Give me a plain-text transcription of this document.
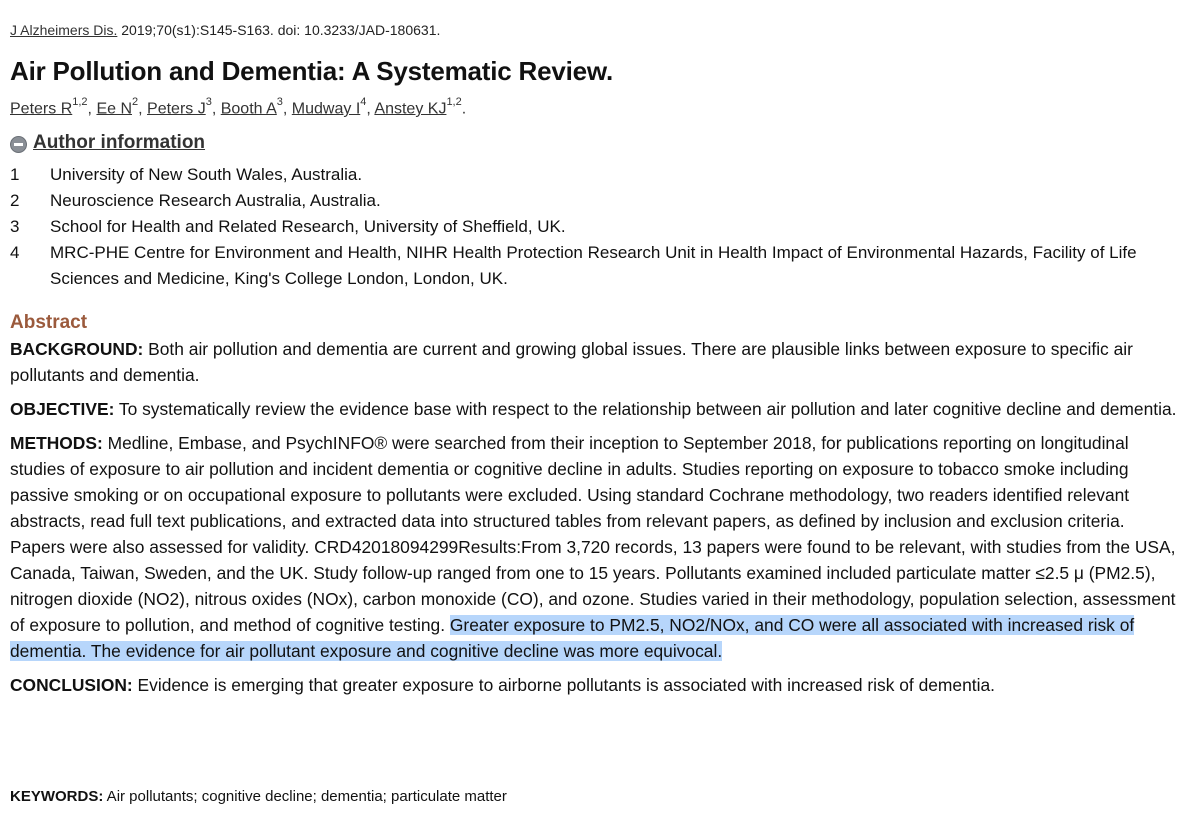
J Alzheimers Dis. 2019;70(s1):S145-S163. doi: 10.3233/JAD-180631.
Air Pollution and Dementia: A Systematic Review.
Peters R$^{1,2}$, Ee $N^2$, Peters $J^3$, Booth $A^3$, Mudway $I^4$, Anstey KJ$^{1,2}$.
Author information
1	University of New South Wales, Australia.
2	Neuroscience Research Australia, Australia.
3	School for Health and Related Research, University of Sheffield, UK.
4	MRC-PHE Centre for Environment and Health, NIHR Health Protection Research Unit in Health Impact of Environmental Hazards, Facility of Life Sciences and Medicine, King's College London, London, UK.
Abstract

BACKGROUND: Both air pollution and dementia are current and growing global issues. There are plausible links between exposure to specific air pollutants and dementia.

OBJECTIVE: To systematically review the evidence base with respect to the relationship between air pollution and later cognitive decline and dementia.

METHODS: Medline, Embase, and PsychINFO® were searched from their inception to September 2018, for publications reporting on longitudinal studies of exposure to air pollution and incident dementia or cognitive decline in adults. Studies reporting on exposure to tobacco smoke including passive smoking or on occupational exposure to pollutants were excluded. Using standard Cochrane methodology, two readers identified relevant abstracts, read full text publications, and extracted data into structured tables from relevant papers, as defined by inclusion and exclusion criteria. Papers were also assessed for validity. CRD42018094299Results:From 3,720 records, 13 papers were found to be relevant, with studies from the USA, Canada, Taiwan, Sweden, and the UK. Study follow-up ranged from one to 15 years. Pollutants examined included particulate matter ≤2.5 μ (PM2.5), nitrogen dioxide (NO2), nitrous oxides (NOx), carbon monoxide (CO), and ozone. Studies varied in their methodology, population selection, assessment of exposure to pollution, and method of cognitive testing. Greater exposure to PM2.5, NO2/NOx, and CO were all associated with increased risk of dementia. The evidence for air pollutant exposure and cognitive decline was more equivocal.

CONCLUSION: Evidence is emerging that greater exposure to airborne pollutants is associated with increased risk of dementia.

KEYWORDS: Air pollutants; cognitive decline; dementia; particulate matter
